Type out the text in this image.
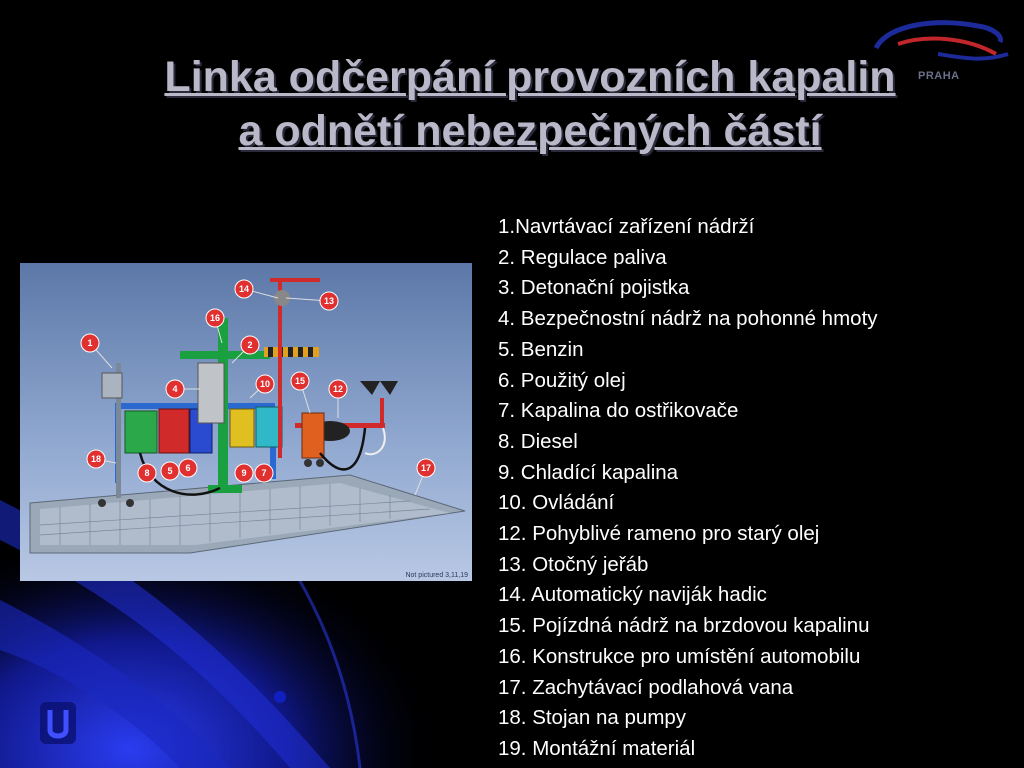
PRAHA
Linka odčerpání provozních kapalin
a odnětí nebezpečných částí
1	2
4
5 6	7
8	9
10	12
13
14
15
16
17
18
Not pictured 3,11,19
1.Navrtávací zařízení nádrží
2. Regulace paliva
3. Detonační pojistka
4. Bezpečnostní nádrž na pohonné hmoty
5. Benzin
6. Použitý olej
7. Kapalina do ostřikovače
8. Diesel
9. Chladící kapalina
10. Ovládání
12. Pohyblivé rameno pro starý olej
13. Otočný jeřáb
14. Automatický naviják hadic
15. Pojízdná nádrž na brzdovou kapalinu
16. Konstrukce pro umístění automobilu
17. Zachytávací podlahová vana
18. Stojan na pumpy
19. Montážní materiál
